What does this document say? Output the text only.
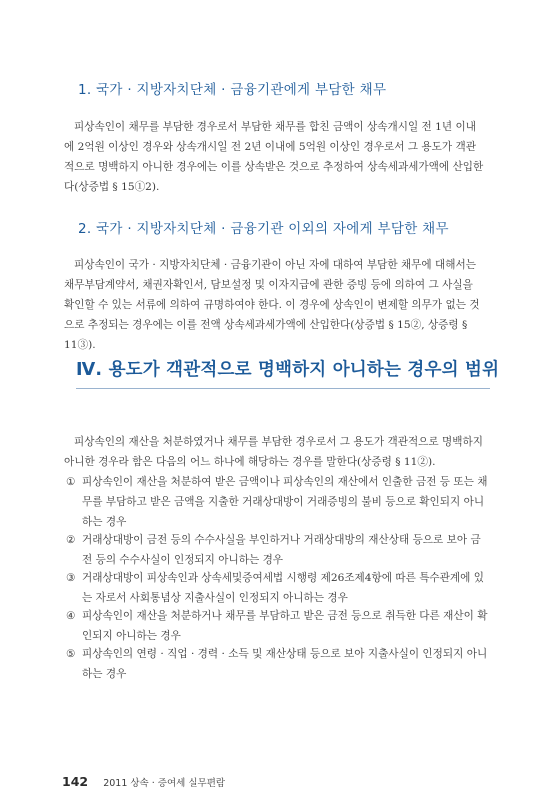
1. 국가 · 지방자치단체 · 금융기관에게 부담한 채무
피상속인이 채무를 부담한 경우로서 부담한 채무를 합친 금액이 상속개시일 전 1년 이내에 2억원 이상인 경우와 상속개시일 전 2년 이내에 5억원 이상인 경우로서 그 용도가 객관적으로 명백하지 아니한 경우에는 이를 상속받은 것으로 추정하여 상속세과세가액에 산입한다(상증법 § 15①2).
2. 국가 · 지방자치단체 · 금융기관 이외의 자에게 부담한 채무
피상속인이 국가 · 지방자치단체 · 금융기관이 아닌 자에 대하여 부담한 채무에 대해서는 채무부담계약서, 채권자확인서, 담보설정 및 이자지급에 관한 증빙 등에 의하여 그 사실을 확인할 수 있는 서류에 의하여 규명하여야 한다. 이 경우에 상속인이 변제할 의무가 없는 것으로 추정되는 경우에는 이를 전액 상속세과세가액에 산입한다(상증법 § 15②, 상증령 § 11③).
Ⅳ. 용도가 객관적으로 명백하지 아니하는 경우의 범위
피상속인의 재산을 처분하였거나 채무를 부담한 경우로서 그 용도가 객관적으로 명백하지 아니한 경우라 함은 다음의 어느 하나에 해당하는 경우를 말한다(상증령 § 11②).
① 피상속인이 재산을 처분하여 받은 금액이나 피상속인의 재산에서 인출한 금전 등 또는 채무를 부담하고 받은 금액을 지출한 거래상대방이 거래증빙의 불비 등으로 확인되지 아니하는 경우
② 거래상대방이 금전 등의 수수사실을 부인하거나 거래상대방의 재산상태 등으로 보아 금전 등의 수수사실이 인정되지 아니하는 경우
③ 거래상대방이 피상속인과 상속세및증여세법 시행령 제26조제4항에 따른 특수관계에 있는 자로서 사회통념상 지출사실이 인정되지 아니하는 경우
④ 피상속인이 재산을 처분하거나 채무를 부담하고 받은 금전 등으로 취득한 다른 재산이 확인되지 아니하는 경우
⑤ 피상속인의 연령 · 직업 · 경력 · 소득 및 재산상태 등으로 보아 지출사실이 인정되지 아니하는 경우
142 2011 상속 · 증여세 실무편람
